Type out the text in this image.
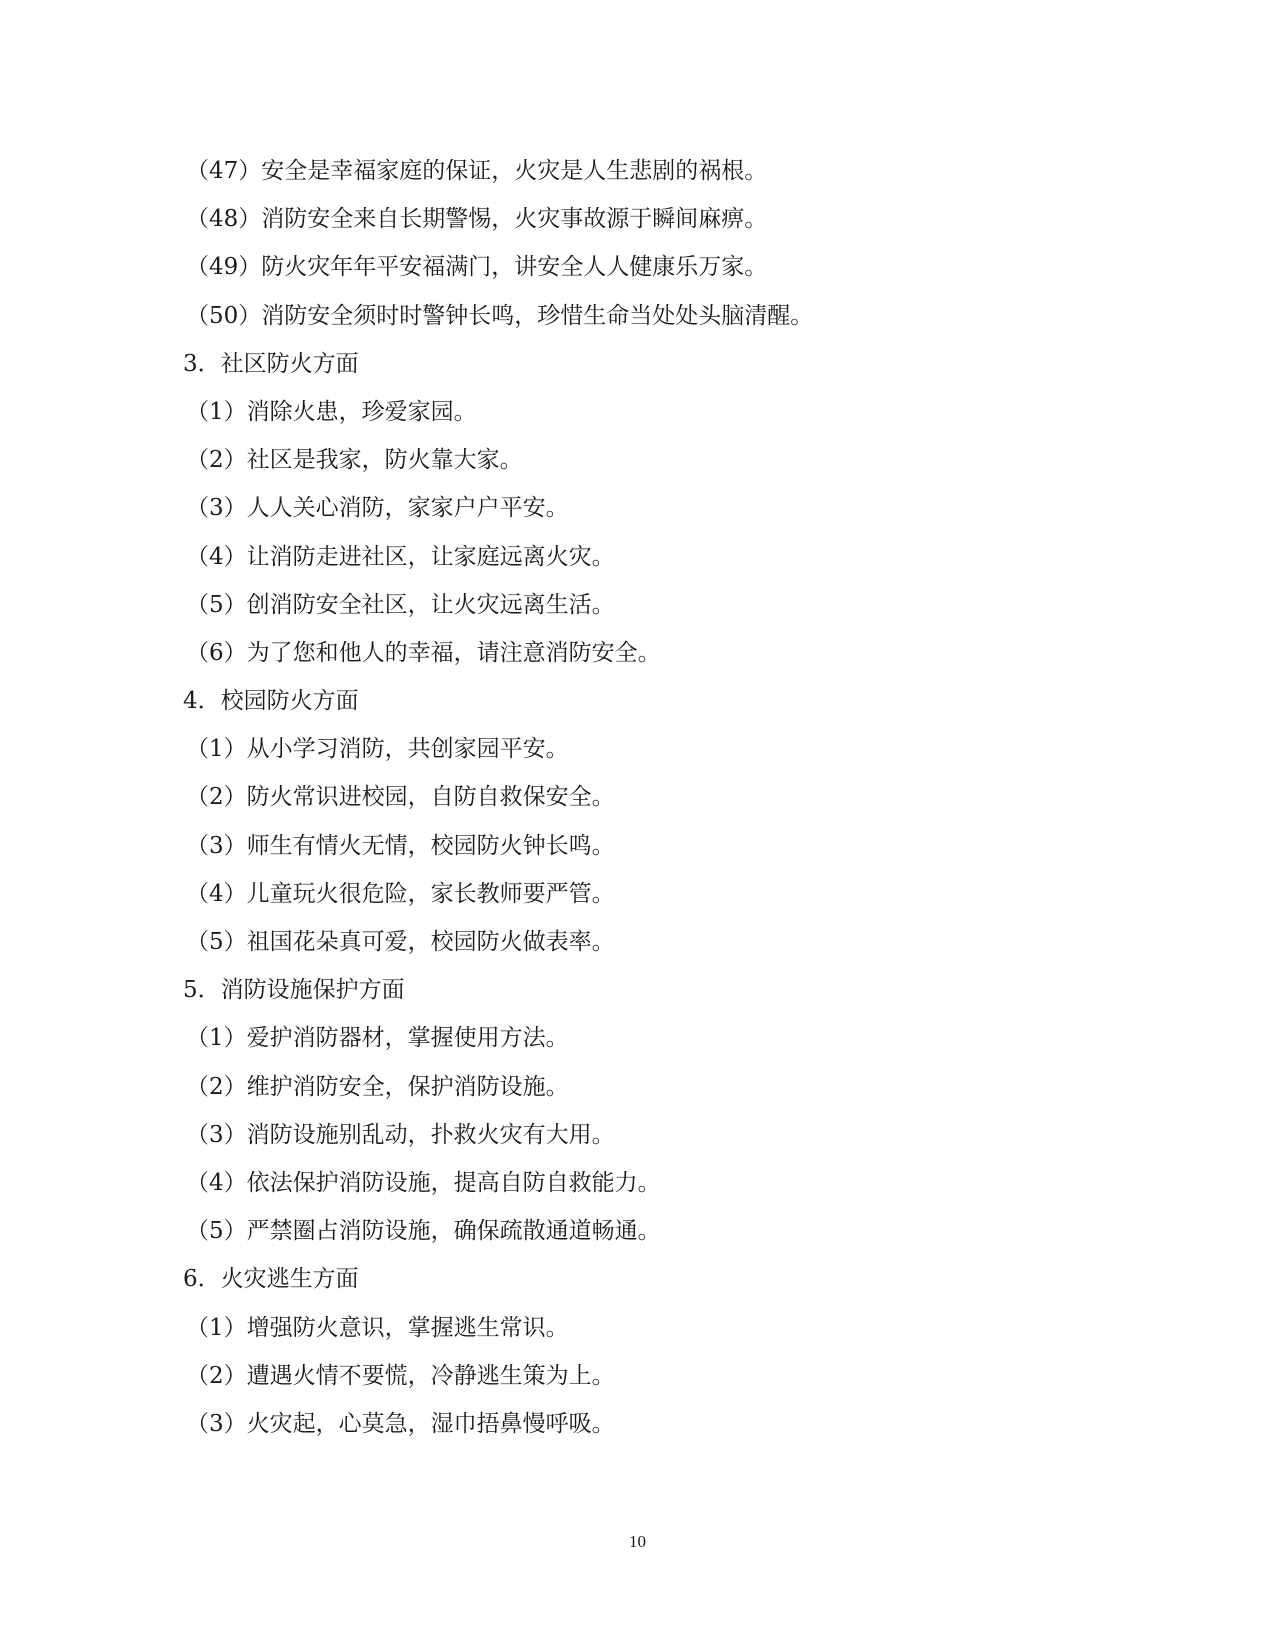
（47）安全是幸福家庭的保证，火灾是人生悲剧的祸根。
（48）消防安全来自长期警惕，火灾事故源于瞬间麻痹。
（49）防火灾年年平安福满门，讲安全人人健康乐万家。
（50）消防安全须时时警钟长鸣，珍惜生命当处处头脑清醒。
3．社区防火方面
（1）消除火患，珍爱家园。
（2）社区是我家，防火靠大家。
（3）人人关心消防，家家户户平安。
（4）让消防走进社区，让家庭远离火灾。
（5）创消防安全社区，让火灾远离生活。
（6）为了您和他人的幸福，请注意消防安全。
4．校园防火方面
（1）从小学习消防，共创家园平安。
（2）防火常识进校园，自防自救保安全。
（3）师生有情火无情，校园防火钟长鸣。
（4）儿童玩火很危险，家长教师要严管。
（5）祖国花朵真可爱，校园防火做表率。
5．消防设施保护方面
（1）爱护消防器材，掌握使用方法。
（2）维护消防安全，保护消防设施。
（3）消防设施别乱动，扑救火灾有大用。
（4）依法保护消防设施，提高自防自救能力。
（5）严禁圈占消防设施，确保疏散通道畅通。
6．火灾逃生方面
（1）增强防火意识，掌握逃生常识。
（2）遭遇火情不要慌，冷静逃生策为上。
（3）火灾起，心莫急，湿巾捂鼻慢呼吸。
10
